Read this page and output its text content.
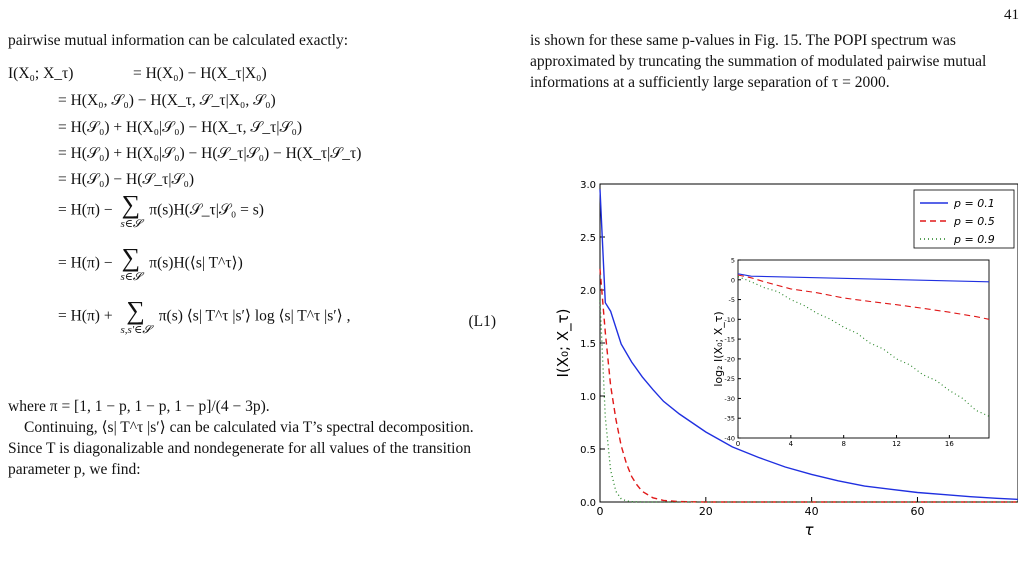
41

pairwise mutual information can be calculated exactly:

I(X₀; X_τ)	= H(X₀) − H(X_τ|X₀)
= H(X₀, 𝒮₀) − H(X_τ, 𝒮_τ|X₀, 𝒮₀)
= H(𝒮₀) + H(X₀|𝒮₀) − H(X_τ, 𝒮_τ|𝒮₀)
= H(𝒮₀) + H(X₀|𝒮₀) − H(𝒮_τ|𝒮₀) − H(X_τ|𝒮_τ)
= H(𝒮₀) − H(𝒮_τ|𝒮₀)
= H(π) − ∑
s∈𝓢
π(s)H(𝒮_τ|𝒮₀ = s)
= H(π) − ∑
s∈𝓢
π(s)H(⟨s| T^τ⟩)
= H(π) + ∑
s,s′∈𝓢
π(s) ⟨s| T^τ |s′⟩ log ⟨s| T^τ |s′⟩ ,	(L1)

where π = [1, 1 − p, 1 − p, 1 − p]/(4 − 3p).

Continuing, ⟨s| T^τ |s′⟩ can be calculated via T’s spectral decomposition. Since T is diagonalizable and nondegenerate for all values of the transition parameter p, we find:

is shown for these same p-values in Fig. 15. The POPI spectrum was approximated by truncating the summation of modulated pairwise mutual informations at a sufficiently large separation of τ = 2000.

0.0
0.5
1.0
1.5
2.0
2.5
3.0
0	20	40	60
τ
I(X₀; X_τ)
p = 0.1
p = 0.5
p = 0.9
5
0
-5
-10
-15
-20
-25
-30
-35
-40
0	4	8	12	16
log₂ I(X₀; X_τ)
